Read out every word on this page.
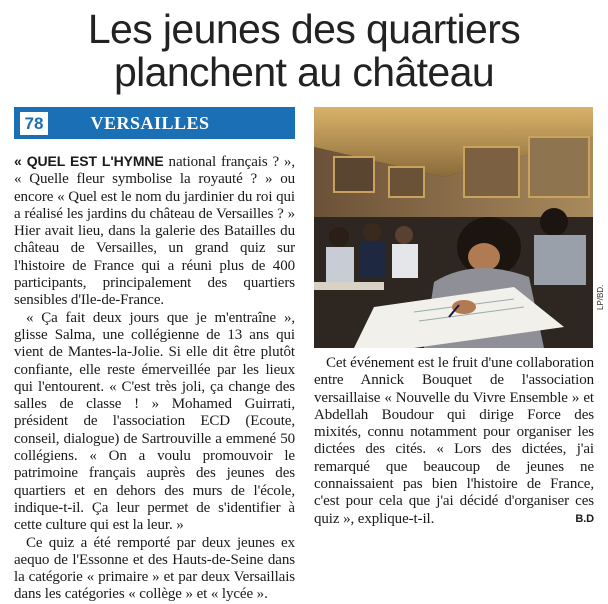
Les jeunes des quartiers
planchent au château
78	VERSAILLES
LP/BD.

« QUEL EST L'HYMNE national français ? », « Quelle fleur symbolise la royauté ? » ou encore « Quel est le nom du jardinier du roi qui a réalisé les jardins du château de Versailles ? » Hier avait lieu, dans la galerie des Batailles du château de Versailles, un grand quiz sur l'histoire de France qui a réuni plus de 400 participants, principalement des quartiers sensibles d'Ile-de-France.

« Ça fait deux jours que je m'entraîne », glisse Salma, une collégienne de 13 ans qui vient de Mantes-la-Jolie. Si elle dit être plutôt confiante, elle reste émerveillée par les lieux qui l'entourent. « C'est très joli, ça change des salles de classe ! » Mohamed Guirrati, président de l'association ECD (Ecoute, conseil, dialogue) de Sartrouville a emmené 50 collégiens. « On a voulu promouvoir le patrimoine français auprès des jeunes des quartiers et en dehors des murs de l'école, indique-t-il. Ça leur permet de s'identifier à cette culture qui est la leur. »

Ce quiz a été remporté par deux jeunes ex aequo de l'Essonne et des Hauts-de-Seine dans la catégorie « primaire » et par deux Versaillais dans les catégories « collège » et « lycée ».

Cet événement est le fruit d'une collaboration entre Annick Bouquet de l'association versaillaise « Nouvelle du Vivre Ensemble » et Abdellah Boudour qui dirige Force des mixités, connu notamment pour organiser les dictées des cités. « Lors des dictées, j'ai remarqué que beaucoup de jeunes ne connaissaient pas bien l'histoire de France, c'est pour cela que j'ai décidé d'organiser ces quiz », explique-t-il.	B.D
